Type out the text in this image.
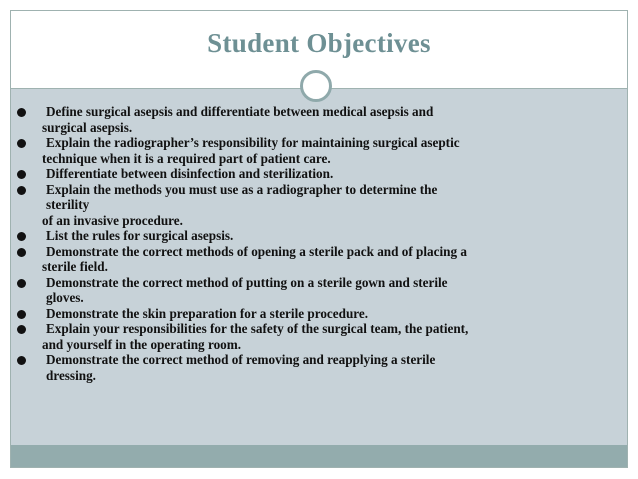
Student Objectives
Define surgical asepsis and differentiate between medical asepsis and
surgical asepsis.
Explain the radiographer’s responsibility for maintaining surgical aseptic
technique when it is a required part of patient care.
Differentiate between disinfection and sterilization.
Explain the methods you must use as a radiographer to determine the
sterility
of an invasive procedure.
List the rules for surgical asepsis.
Demonstrate the correct methods of opening a sterile pack and of placing a
sterile field.
Demonstrate the correct method of putting on a sterile gown and sterile
gloves.
Demonstrate the skin preparation for a sterile procedure.
Explain your responsibilities for the safety of the surgical team, the patient,
and yourself in the operating room.
Demonstrate the correct method of removing and reapplying a sterile
dressing.
